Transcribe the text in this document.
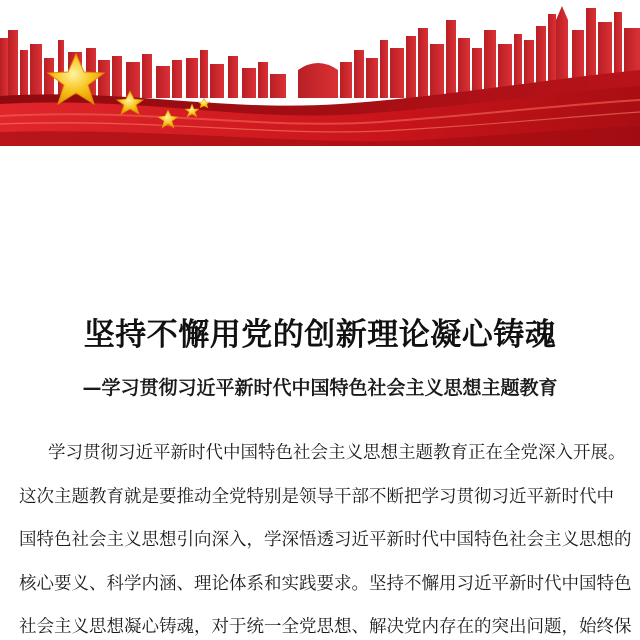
坚持不懈用党的创新理论凝心铸魂
—学习贯彻习近平新时代中国特色社会主义思想主题教育
学习贯彻习近平新时代中国特色社会主义思想主题教育正在全党深入开展。
这次主题教育就是要推动全党特别是领导干部不断把学习贯彻习近平新时代中
国特色社会主义思想引向深入，学深悟透习近平新时代中国特色社会主义思想的
核心要义、科学内涵、理论体系和实践要求。坚持不懈用习近平新时代中国特色
社会主义思想凝心铸魂，对于统一全党思想、解决党内存在的突出问题，始终保
